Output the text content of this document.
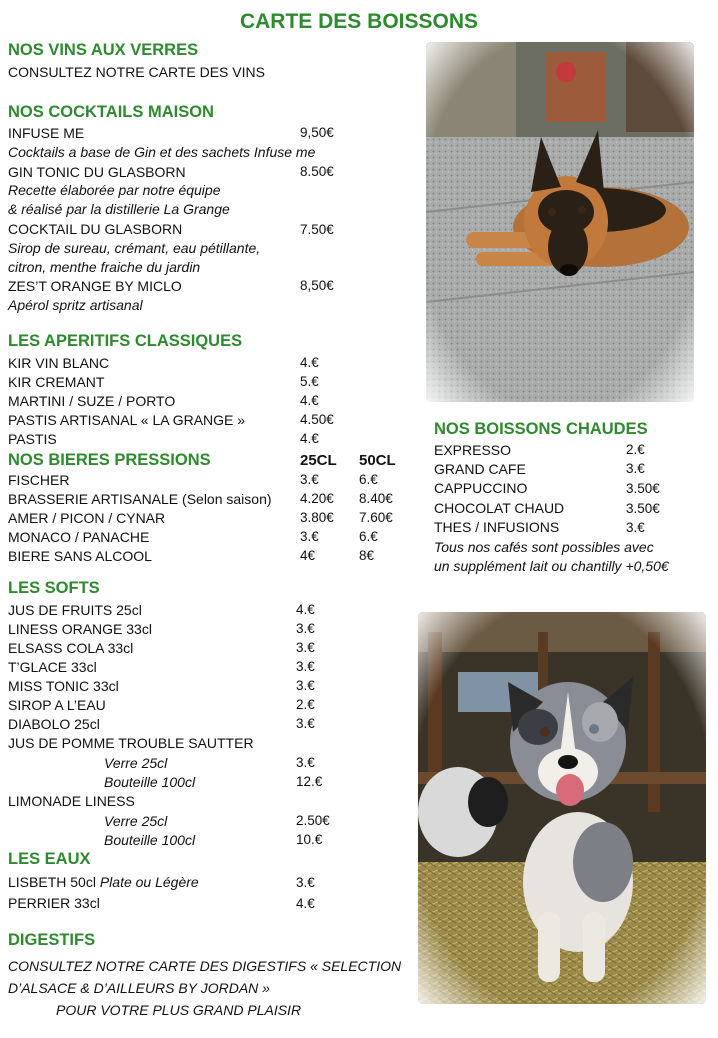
CARTE DES BOISSONS
NOS VINS AUX VERRES
CONSULTEZ NOTRE CARTE DES VINS
NOS COCKTAILS MAISON
INFUSE ME	9,50€
Cocktails a base de Gin et des sachets Infuse me
GIN TONIC DU GLASBORN	8.50€
Recette élaborée par notre équipe
& réalisé par la distillerie La Grange
COCKTAIL DU GLASBORN	7.50€
Sirop de sureau, crémant, eau pétillante,
citron, menthe fraiche du jardin
ZES’T ORANGE BY MICLO	8,50€
Apérol spritz artisanal
LES APERITIFS CLASSIQUES
KIR VIN BLANC	4.€
KIR CREMANT	5.€
MARTINI / SUZE / PORTO	4.€
PASTIS ARTISANAL « LA GRANGE »	4.50€
PASTIS	4.€
NOS BIERES PRESSIONS	25CL 50CL
FISCHER	3.€	6.€
BRASSERIE ARTISANALE (Selon saison) 4.20€ 8.40€
AMER / PICON / CYNAR	3.80€ 7.60€
MONACO / PANACHE	3.€	6.€
BIERE SANS ALCOOL	4€	8€
LES SOFTS
JUS DE FRUITS 25cl	4.€
LINESS ORANGE 33cl	3.€
ELSASS COLA 33cl	3.€
T’GLACE 33cl	3.€
MISS TONIC 33cl	3.€
SIROP A L’EAU	2.€
DIABOLO 25cl	3.€
JUS DE POMME TROUBLE SAUTTER
Verre 25cl	3.€
Bouteille 100cl	12.€
LIMONADE LINESS
Verre 25cl	2.50€
Bouteille 100cl	10.€
LES EAUX
LISBETH 50cl Plate ou Légère	3.€
PERRIER 33cl	4.€
DIGESTIFS
CONSULTEZ NOTRE CARTE DES DIGESTIFS « SELECTION
D’ALSACE & D’AILLEURS BY JORDAN »
POUR VOTRE PLUS GRAND PLAISIR
NOS BOISSONS CHAUDES
EXPRESSO	2.€
GRAND CAFE	3.€
CAPPUCCINO	3.50€
CHOCOLAT CHAUD	3.50€
THES / INFUSIONS	3.€
Tous nos cafés sont possibles avec
un supplément lait ou chantilly +0,50€
